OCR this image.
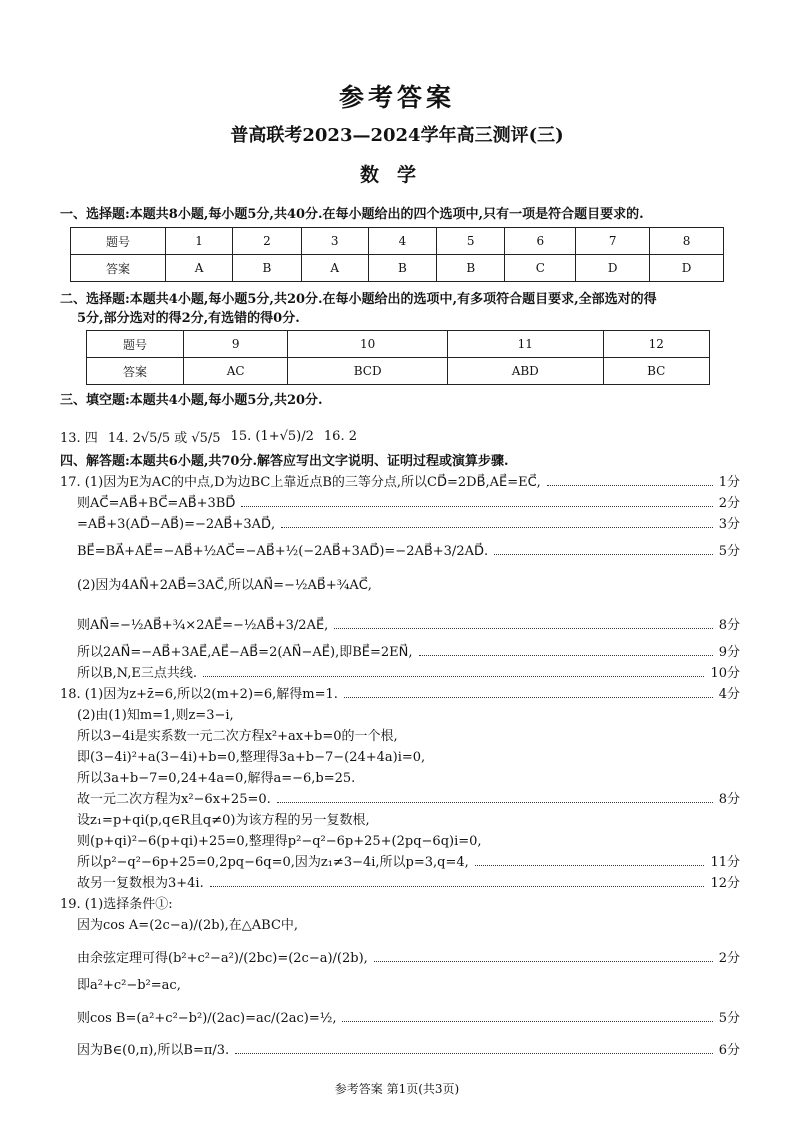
参考答案
普高联考2023—2024学年高三测评(三)
数学
一、选择题:本题共8小题,每小题5分,共40分.在每小题给出的四个选项中,只有一项是符合题目要求的.
题号	1	2	3	4	5	6	7	8
答案	A	B	A	B	B	C	D	D
二、选择题:本题共4小题,每小题5分,共20分.在每小题给出的选项中,有多项符合题目要求,全部选对的得
5分,部分选对的得2分,有选错的得0分.
题号	9	10	11	12
答案	AC	BCD	ABD	BC
三、填空题:本题共4小题,每小题5分,共20分.
13. 四 14. 2√5/5 或 √5/5 15. (1+√5)/2 16. 2
四、解答题:本题共6小题,共70分.解答应写出文字说明、证明过程或演算步骤.
17. (1)因为E为AC的中点,D为边BC上靠近点B的三等分点,所以CD⃗=2DB⃗,AE⃗=EC⃗,	1分
则AC⃗=AB⃗+BC⃗=AB⃗+3BD⃗	2分
=AB⃗+3(AD⃗−AB⃗)=−2AB⃗+3AD⃗,	3分
BE⃗=BA⃗+AE⃗=−AB⃗+½AC⃗=−AB⃗+½(−2AB⃗+3AD⃗)=−2AB⃗+3/2AD⃗.	5分
(2)因为4AN⃗+2AB⃗=3AC⃗,所以AN⃗=−½AB⃗+¾AC⃗,
则AN⃗=−½AB⃗+¾×2AE⃗=−½AB⃗+3/2AE⃗,	8分
所以2AN⃗=−AB⃗+3AE⃗,AE⃗−AB⃗=2(AN⃗−AE⃗),即BE⃗=2EN⃗,	9分
所以B,N,E三点共线.	10分
18. (1)因为z+z̄=6,所以2(m+2)=6,解得m=1.	4分
(2)由(1)知m=1,则z=3−i,
所以3−4i是实系数一元二次方程x²+ax+b=0的一个根,
即(3−4i)²+a(3−4i)+b=0,整理得3a+b−7−(24+4a)i=0,
所以3a+b−7=0,24+4a=0,解得a=−6,b=25.
故一元二次方程为x²−6x+25=0.	8分
设z₁=p+qi(p,q∈R且q≠0)为该方程的另一复数根,
则(p+qi)²−6(p+qi)+25=0,整理得p²−q²−6p+25+(2pq−6q)i=0,
所以p²−q²−6p+25=0,2pq−6q=0,因为z₁≠3−4i,所以p=3,q=4,	11分
故另一复数根为3+4i.	12分
19. (1)选择条件①:
因为cos A=(2c−a)/(2b),在△ABC中,
由余弦定理可得(b²+c²−a²)/(2bc)=(2c−a)/(2b),	2分
即a²+c²−b²=ac,
则cos B=(a²+c²−b²)/(2ac)=ac/(2ac)=½,	5分
因为B∈(0,π),所以B=π/3.	6分
参考答案 第1页(共3页)
